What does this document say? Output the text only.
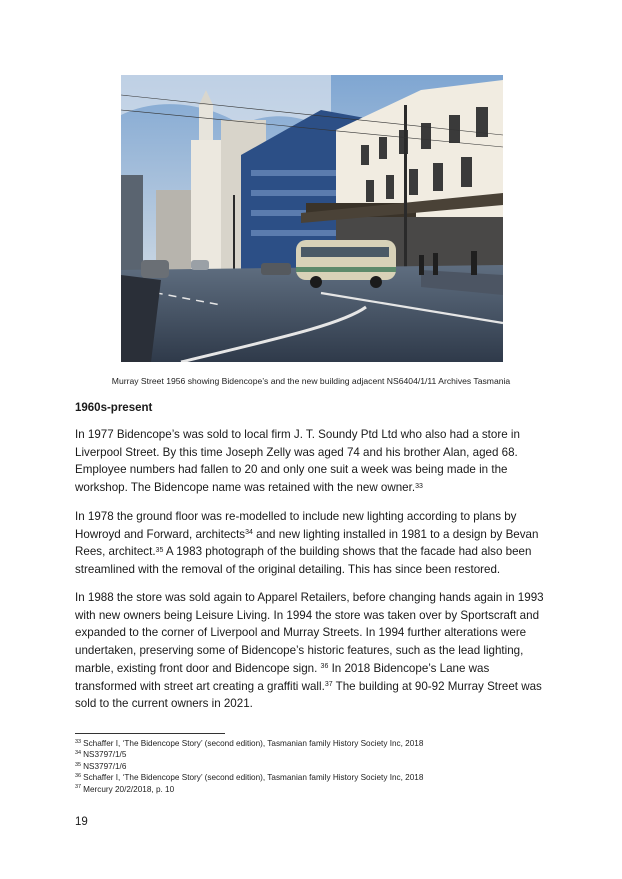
Murray Street 1956 showing Bidencope’s and the new building adjacent NS6404/1/11 Archives Tasmania
1960s-present

In 1977 Bidencope’s was sold to local firm J. T. Soundy Ptd Ltd who also had a store in Liverpool Street. By this time Joseph Zelly was aged 74 and his brother Alan, aged 68. Employee numbers had fallen to 20 and only one suit a week was being made in the workshop. The Bidencope name was retained with the new owner.$^{33}$

In 1978 the ground floor was re-modelled to include new lighting according to plans by Howroyd and Forward, architects$^{34}$ and new lighting installed in 1981 to a design by Bevan Rees, architect.$^{35}$ A 1983 photograph of the building shows that the facade had also been streamlined with the removal of the original detailing. This has since been restored.

In 1988 the store was sold again to Apparel Retailers, before changing hands again in 1993 with new owners being Leisure Living. In 1994 the store was taken over by Sportscraft and expanded to the corner of Liverpool and Murray Streets. In 1994 further alterations were undertaken, preserving some of Bidencope’s historic features, such as the lead lighting, marble, existing front door and Bidencope sign. $^{36}$ In 2018 Bidencope’s Lane was transformed with street art creating a graffiti wall.$^{37}$ The building at 90-92 Murray Street was sold to the current owners in 2021.

$^{33}$ Schaffer I, ‘The Bidencope Story’ (second edition), Tasmanian family History Society Inc, 2018
$^{34}$ NS3797/1/5
$^{35}$ NS3797/1/6
$^{36}$ Schaffer I, ‘The Bidencope Story’ (second edition), Tasmanian family History Society Inc, 2018
$^{37}$ Mercury 20/2/2018, p. 10
19
